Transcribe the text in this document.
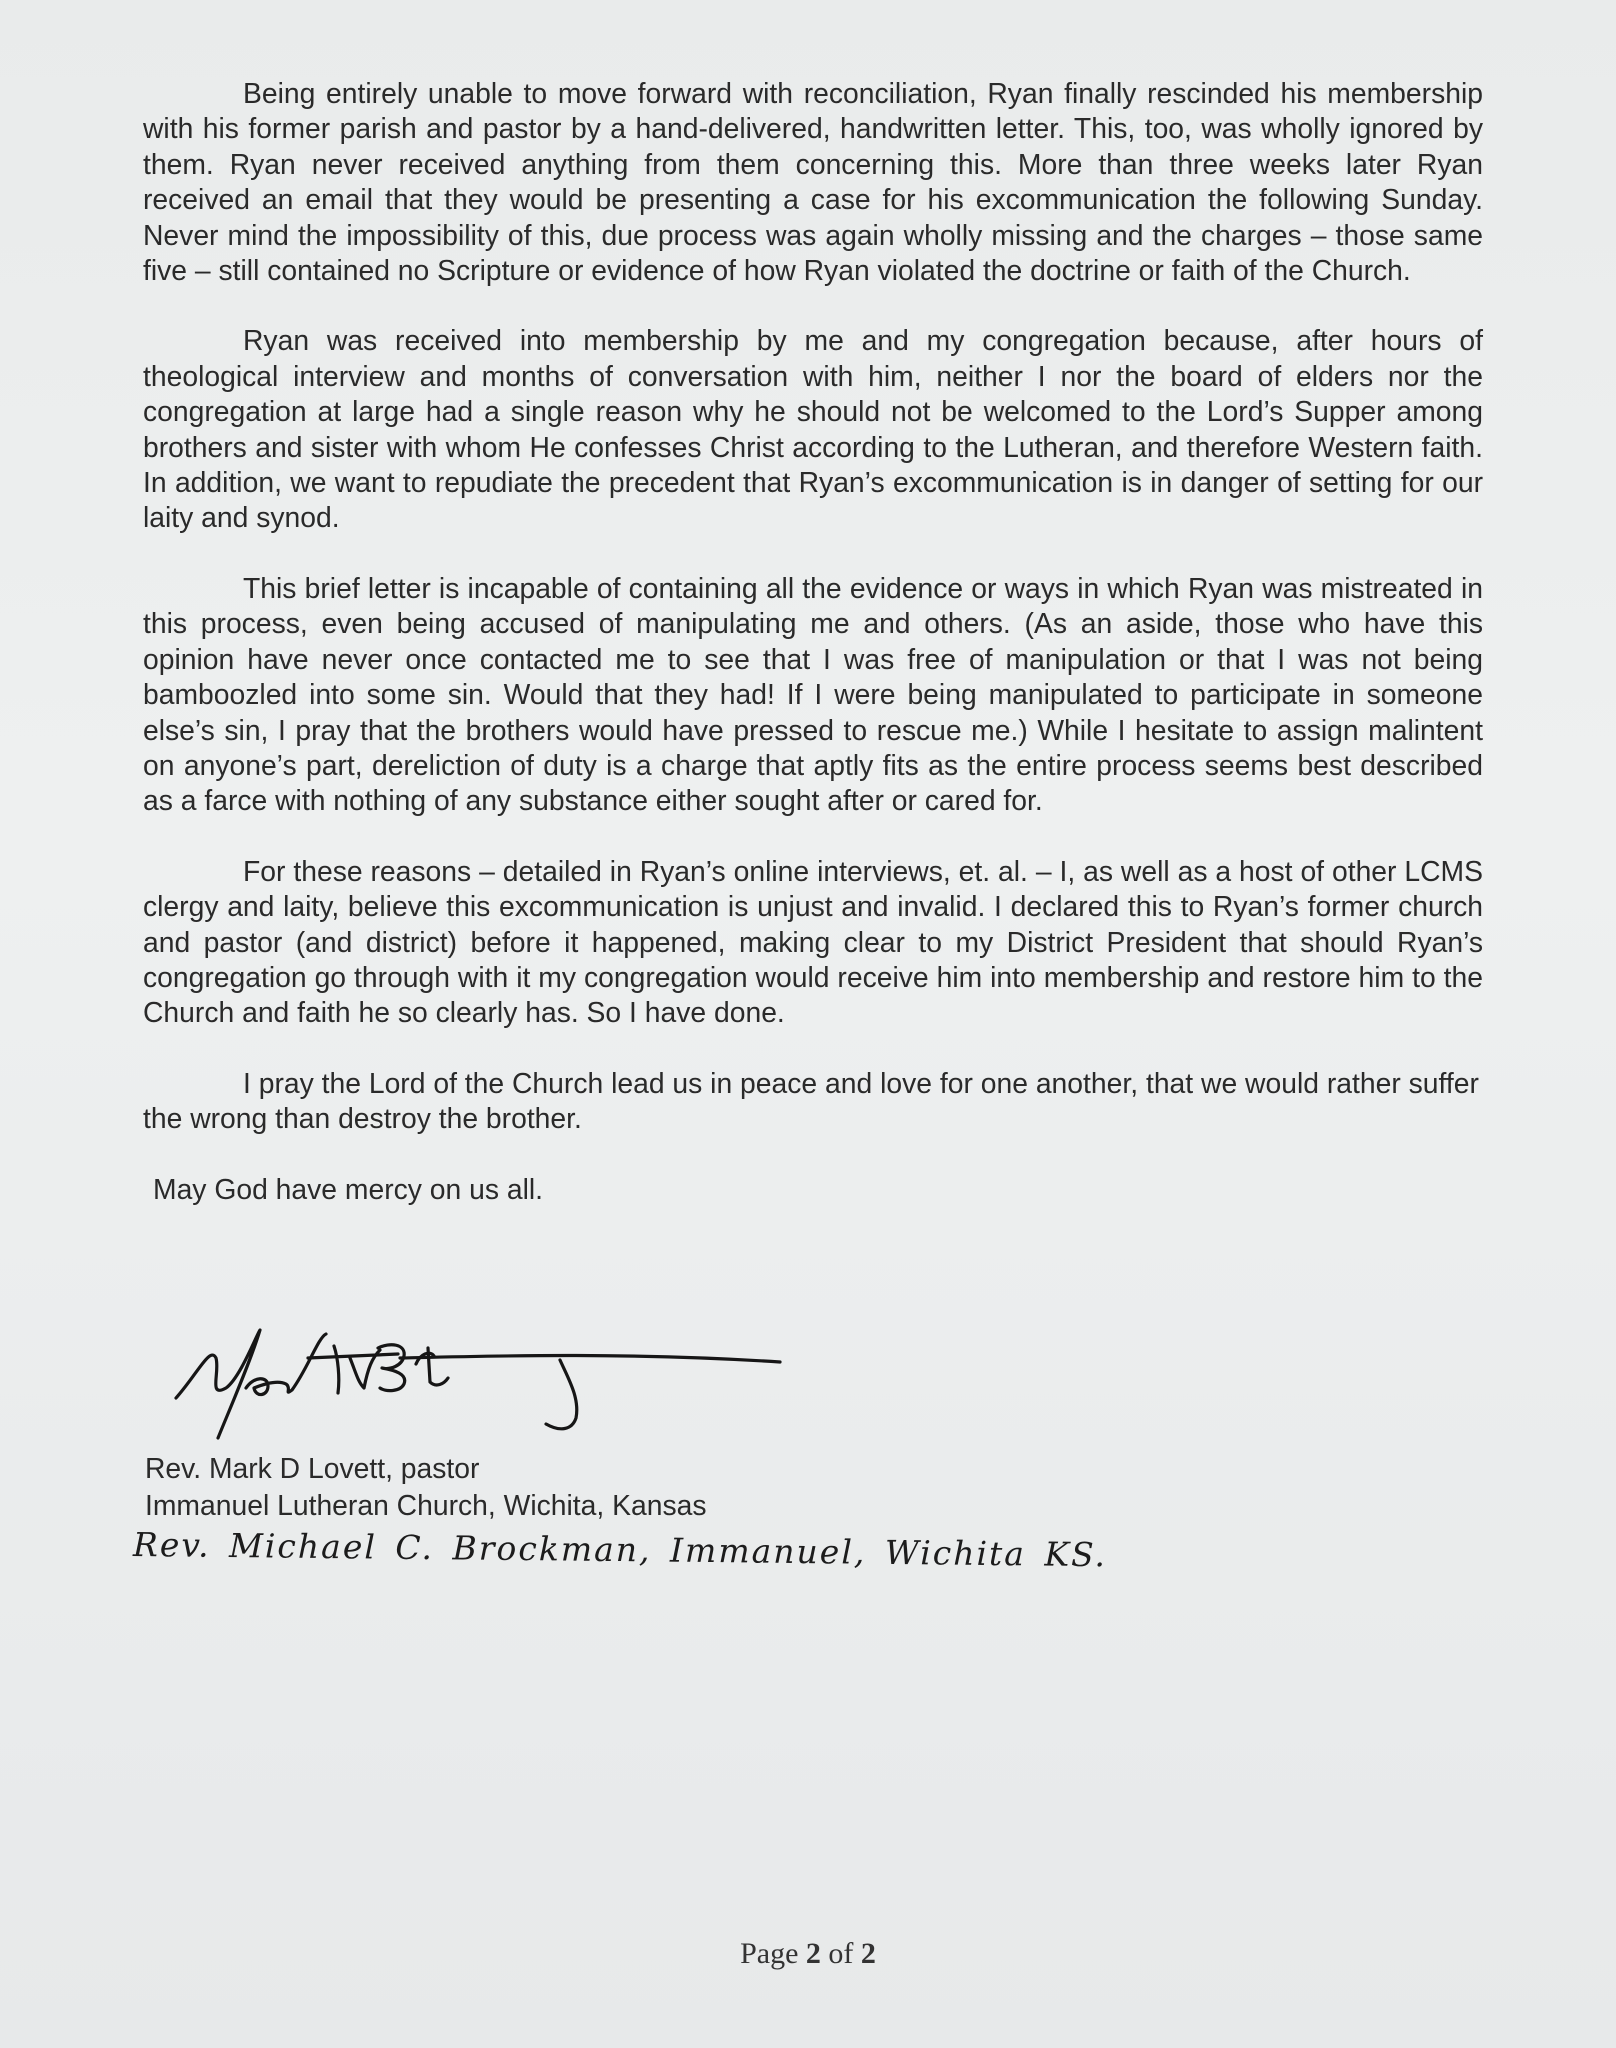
Being entirely unable to move forward with reconciliation, Ryan finally rescinded his membership with his former parish and pastor by a hand-delivered, handwritten letter. This, too, was wholly ignored by them. Ryan never received anything from them concerning this. More than three weeks later Ryan received an email that they would be presenting a case for his excommunication the following Sunday. Never mind the impossibility of this, due process was again wholly missing and the charges – those same five – still contained no Scripture or evidence of how Ryan violated the doctrine or faith of the Church.

Ryan was received into membership by me and my congregation because, after hours of theological interview and months of conversation with him, neither I nor the board of elders nor the congregation at large had a single reason why he should not be welcomed to the Lord’s Supper among brothers and sister with whom He confesses Christ according to the Lutheran, and therefore Western faith. In addition, we want to repudiate the precedent that Ryan’s excommunication is in danger of setting for our laity and synod.

This brief letter is incapable of containing all the evidence or ways in which Ryan was mistreated in this process, even being accused of manipulating me and others. (As an aside, those who have this opinion have never once contacted me to see that I was free of manipulation or that I was not being bamboozled into some sin. Would that they had! If I were being manipulated to participate in someone else’s sin, I pray that the brothers would have pressed to rescue me.) While I hesitate to assign malintent on anyone’s part, dereliction of duty is a charge that aptly fits as the entire process seems best described as a farce with nothing of any substance either sought after or cared for.

For these reasons – detailed in Ryan’s online interviews, et. al. – I, as well as a host of other LCMS clergy and laity, believe this excommunication is unjust and invalid. I declared this to Ryan’s former church and pastor (and district) before it happened, making clear to my District President that should Ryan’s congregation go through with it my congregation would receive him into membership and restore him to the Church and faith he so clearly has. So I have done.

I pray the Lord of the Church lead us in peace and love for one another, that we would rather suffer the wrong than destroy the brother.

May God have mercy on us all.

Rev. Mark D Lovett, pastor
Immanuel Lutheran Church, Wichita, Kansas
Rev. Michael C. Brockman, Immanuel, Wichita KS.
Page 2 of 2
